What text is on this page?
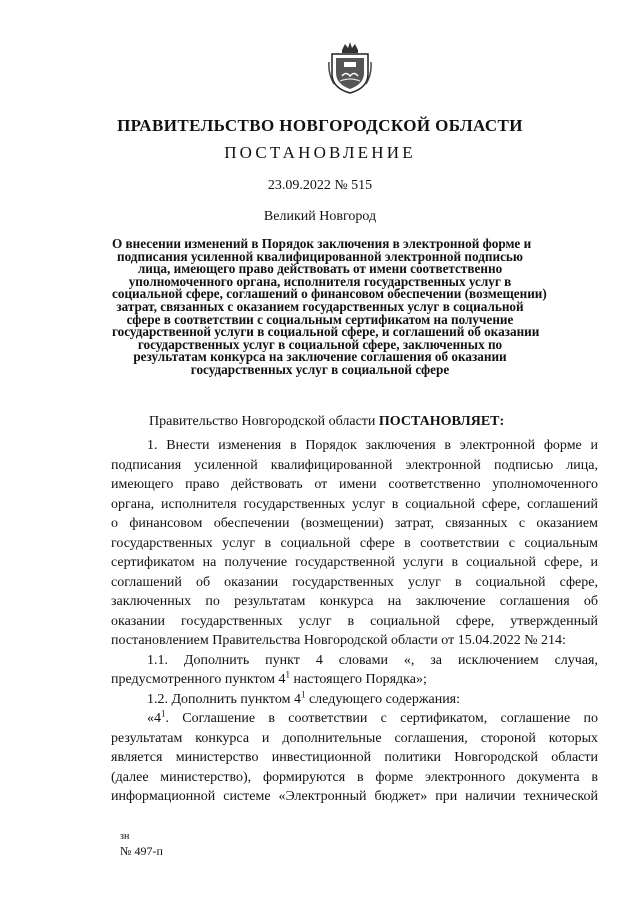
ПРАВИТЕЛЬСТВО НОВГОРОДСКОЙ ОБЛАСТИ
ПОСТАНОВЛЕНИЕ
23.09.2022 № 515
Великий Новгород
О внесении изменений в Порядок заключения в электронной форме и
подписания усиленной квалифицированной электронной подписью
лица, имеющего право действовать от имени соответственно
уполномоченного органа, исполнителя государственных услуг в
социальной сфере, соглашений о финансовом обеспечении (возмещении)
затрат, связанных с оказанием государственных услуг в социальной
сфере в соответствии с социальным сертификатом на получение
государственной услуги в социальной сфере, и соглашений об оказании
государственных услуг в социальной сфере, заключенных по
результатам конкурса на заключение соглашения об оказании
государственных услуг в социальной сфере
Правительство Новгородской области ПОСТАНОВЛЯЕТ:
1. Внести изменения в Порядок заключения в электронной форме и
подписания усиленной квалифицированной электронной подписью лица,
имеющего право действовать от имени соответственно уполномоченного
органа, исполнителя государственных услуг в социальной сфере, соглашений
о финансовом обеспечении (возмещении) затрат, связанных с оказанием
государственных услуг в социальной сфере в соответствии с социальным
сертификатом на получение государственной услуги в социальной сфере, и
соглашений об оказании государственных услуг в социальной сфере,
заключенных по результатам конкурса на заключение соглашения об
оказании государственных услуг в социальной сфере, утвержденный
постановлением Правительства Новгородской области от 15.04.2022 № 214:
1.1. Дополнить пункт 4 словами «, за исключением случая,
предусмотренного пунктом $4^1$ настоящего Порядка»;
1.2. Дополнить пунктом $4^1$ следующего содержания:
«$4^1$. Соглашение в соответствии с сертификатом, соглашение по
результатам конкурса и дополнительные соглашения, стороной которых
является министерство инвестиционной политики Новгородской области
(далее министерство), формируются в форме электронного документа в
информационной системе «Электронный бюджет» при наличии технической
зн
№ 497-п
